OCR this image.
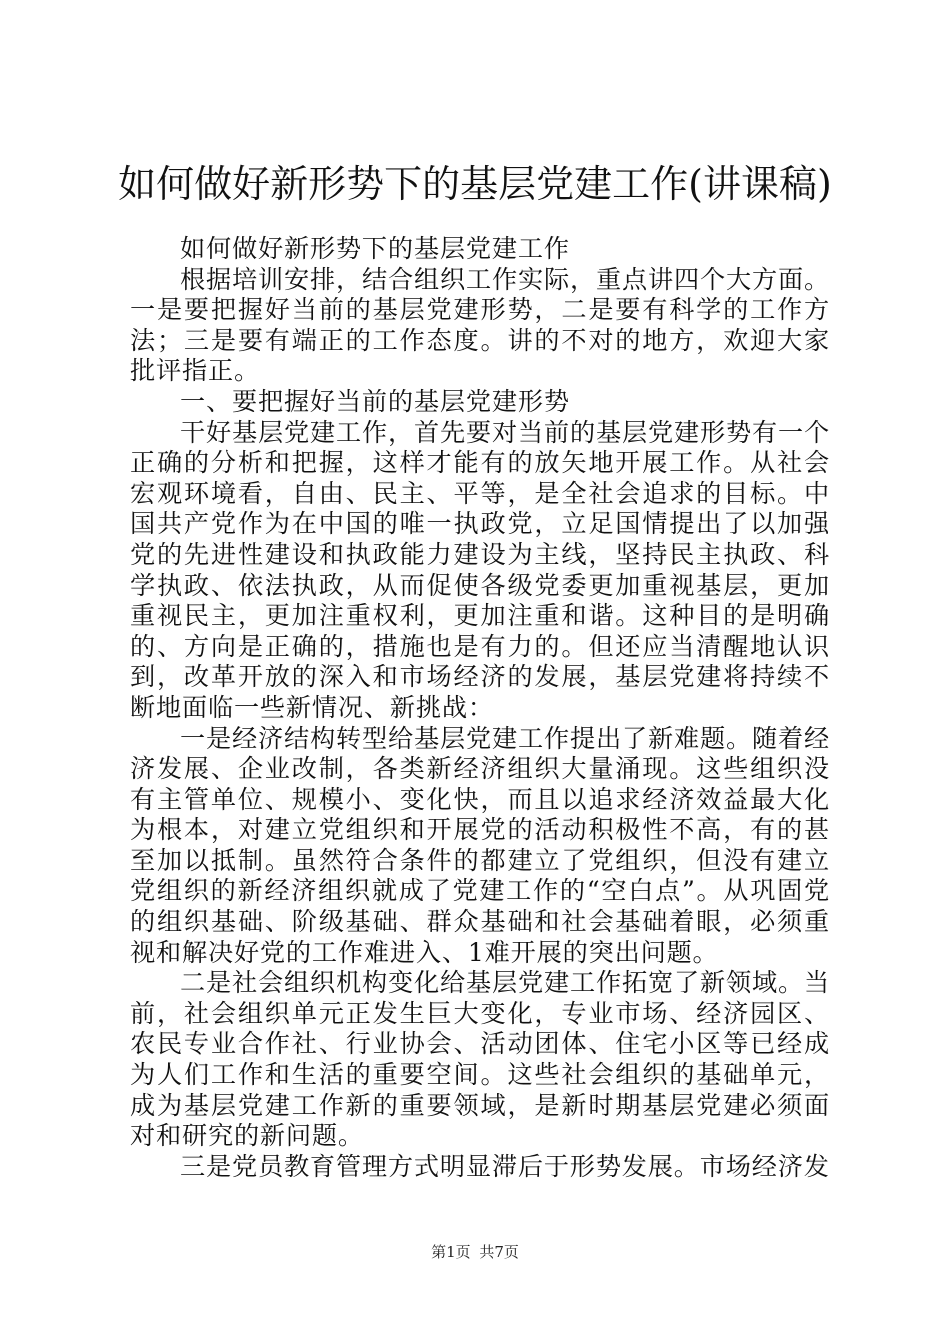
如何做好新形势下的基层党建工作(讲课稿)

如何做好新形势下的基层党建工作

根据培训安排，结合组织工作实际，重点讲四个大方面。一是要把握好当前的基层党建形势，二是要有科学的工作方法；三是要有端正的工作态度。讲的不对的地方，欢迎大家批评指正。

一、要把握好当前的基层党建形势

干好基层党建工作，首先要对当前的基层党建形势有一个正确的分析和把握，这样才能有的放矢地开展工作。从社会宏观环境看，自由、民主、平等，是全社会追求的目标。中国共产党作为在中国的唯一执政党，立足国情提出了以加强党的先进性建设和执政能力建设为主线，坚持民主执政、科学执政、依法执政，从而促使各级党委更加重视基层，更加重视民主，更加注重权利，更加注重和谐。这种目的是明确的、方向是正确的，措施也是有力的。但还应当清醒地认识到，改革开放的深入和市场经济的发展，基层党建将持续不断地面临一些新情况、新挑战：

一是经济结构转型给基层党建工作提出了新难题。随着经济发展、企业改制，各类新经济组织大量涌现。这些组织没有主管单位、规模小、变化快，而且以追求经济效益最大化为根本，对建立党组织和开展党的活动积极性不高，有的甚至加以抵制。虽然符合条件的都建立了党组织，但没有建立党组织的新经济组织就成了党建工作的“空白点”。从巩固党的组织基础、阶级基础、群众基础和社会基础着眼，必须重视和解决好党的工作难进入、1难开展的突出问题。

二是社会组织机构变化给基层党建工作拓宽了新领域。当前，社会组织单元正发生巨大变化，专业市场、经济园区、农民专业合作社、行业协会、活动团体、住宅小区等已经成为人们工作和生活的重要空间。这些社会组织的基础单元，成为基层党建工作新的重要领域，是新时期基层党建必须面对和研究的新问题。

三是党员教育管理方式明显滞后于形势发展。市场经济发

第1页 共7页
